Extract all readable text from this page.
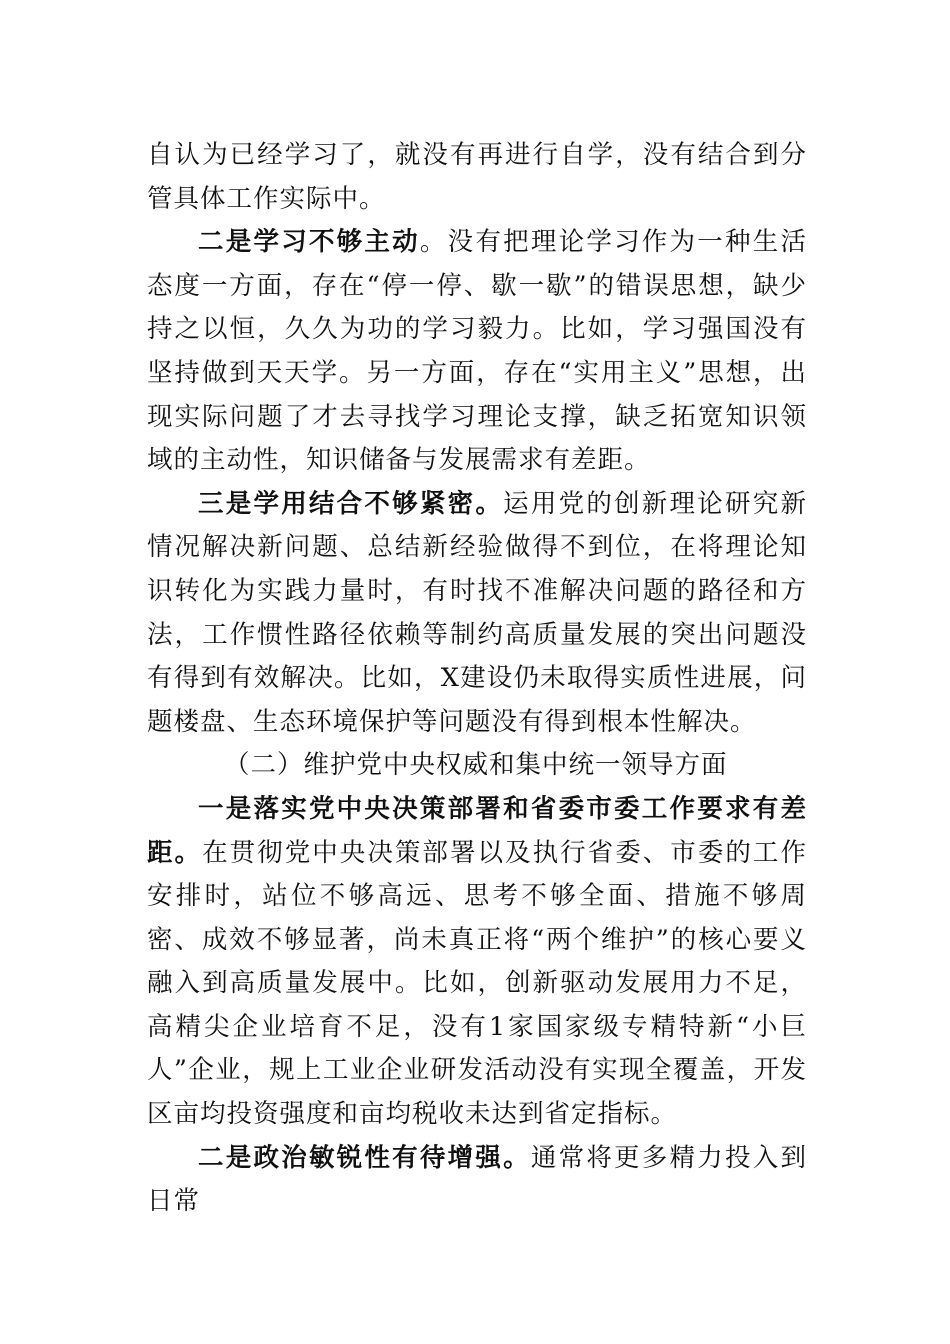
自认为已经学习了，就没有再进行自学，没有结合到分管具体工作实际中。

二是学习不够主动。没有把理论学习作为一种生活态度一方面，存在“停一停、歇一歇”的错误思想，缺少持之以恒，久久为功的学习毅力。比如，学习强国没有坚持做到天天学。另一方面，存在“实用主义”思想，出现实际问题了才去寻找学习理论支撑，缺乏拓宽知识领域的主动性，知识储备与发展需求有差距。

三是学用结合不够紧密。运用党的创新理论研究新情况解决新问题、总结新经验做得不到位，在将理论知识转化为实践力量时，有时找不准解决问题的路径和方法，工作惯性路径依赖等制约高质量发展的突出问题没有得到有效解决。比如，X建设仍未取得实质性进展，问题楼盘、生态环境保护等问题没有得到根本性解决。

（二）维护党中央权威和集中统一领导方面

一是落实党中央决策部署和省委市委工作要求有差距。在贯彻党中央决策部署以及执行省委、市委的工作安排时，站位不够高远、思考不够全面、措施不够周密、成效不够显著，尚未真正将“两个维护”的核心要义融入到高质量发展中。比如，创新驱动发展用力不足，高精尖企业培育不足，没有1家国家级专精特新“小巨人”企业，规上工业企业研发活动没有实现全覆盖，开发区亩均投资强度和亩均税收未达到省定指标。

二是政治敏锐性有待增强。通常将更多精力投入到日常
